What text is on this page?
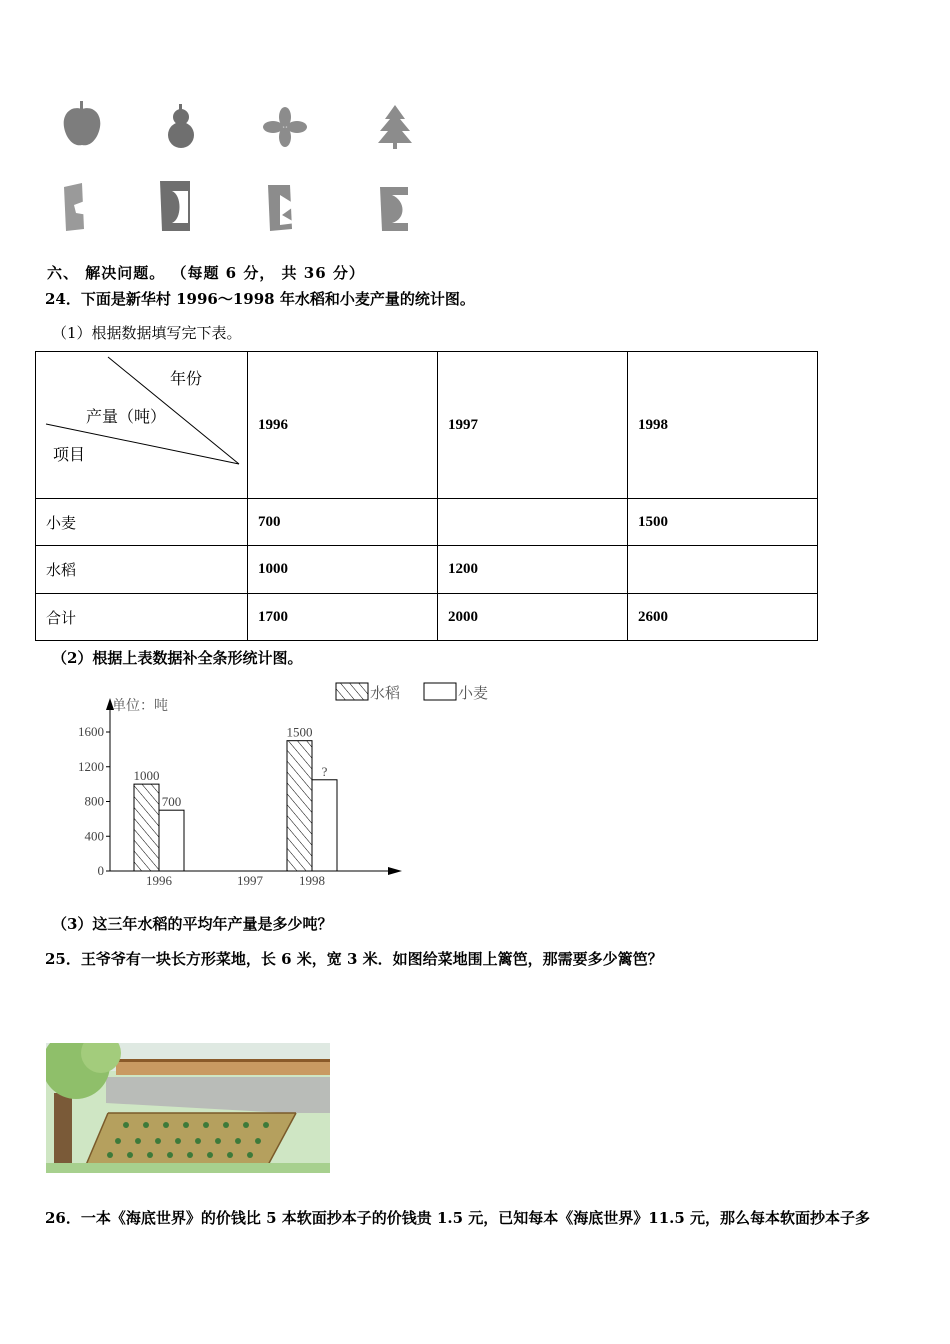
六、 解决问题。 （每题 6 分， 共 36 分）
24．下面是新华村 1996～1998 年水稻和小麦产量的统计图。
（1）根据数据填写完下表。
年份
产量（吨）
项目	1996	1997	1998
小麦	700		1500
水稻	1000	1200	
合计	1700	2000	2600
（2）根据上表数据补全条形统计图。
单位：吨
0
400
800
1200
1600
1996
1000
700
1997	1998
1500
?
水稻	小麦
（3）这三年水稻的平均年产量是多少吨？
25．王爷爷有一块长方形菜地，长 6 米，宽 3 米．如图给菜地围上篱笆，那需要多少篱笆？
26．一本《海底世界》的价钱比 5 本软面抄本子的价钱贵 1.5 元，已知每本《海底世界》11.5 元，那么每本软面抄本子多
